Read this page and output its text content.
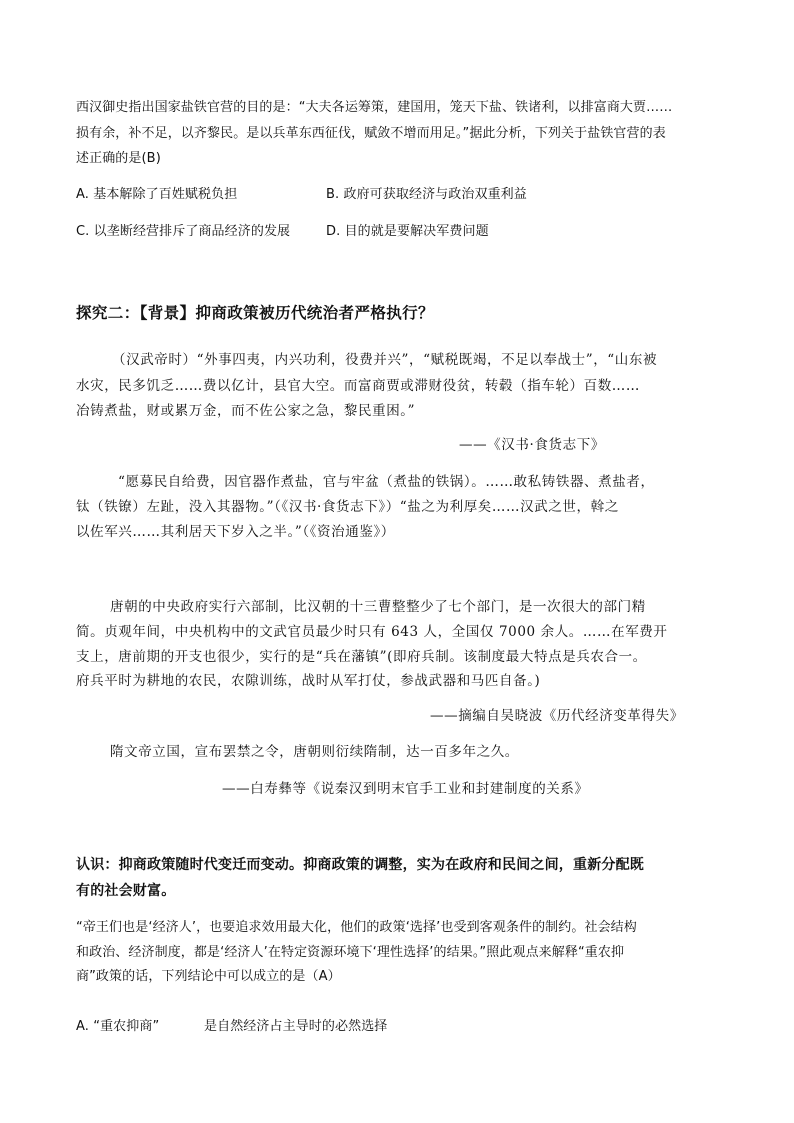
西汉御史指出国家盐铁官营的目的是：“大夫各运筹策，建国用，笼天下盐、铁诸利，以排富商大贾……
损有余，补不足，以齐黎民。是以兵革东西征伐，赋敛不增而用足。”据此分析，下列关于盐铁官营的表
述正确的是(B)
A. 基本解除了百姓赋税负担	B. 政府可获取经济与政治双重利益
C. 以垄断经营排斥了商品经济的发展	D. 目的就是要解决军费问题
探究二：【背景】抑商政策被历代统治者严格执行？
（汉武帝时）“外事四夷，内兴功利，役费并兴”，“赋税既竭，不足以奉战士”，“山东被
水灾，民多饥乏……费以亿计，县官大空。而富商贾或滞财役贫，转毂（指车轮）百数……
冶铸煮盐，财或累万金，而不佐公家之急，黎民重困。”
——《汉书·食货志下》
“愿募民自给费，因官器作煮盐，官与牢盆（煮盐的铁锅）。……敢私铸铁器、煮盐者，
钛（铁镣）左趾，没入其器物。”（《汉书·食货志下》）“盐之为利厚矣……汉武之世，斡之
以佐军兴……其利居天下岁入之半。”（《资治通鉴》）
唐朝的中央政府实行六部制，比汉朝的十三曹整整少了七个部门，是一次很大的部门精
简。贞观年间，中央机构中的文武官员最少时只有 643 人，全国仅 7000 余人。……在军费开
支上，唐前期的开支也很少，实行的是“兵在藩镇”(即府兵制。该制度最大特点是兵农合一。
府兵平时为耕地的农民，农隙训练，战时从军打仗，参战武器和马匹自备。)
——摘编自吴晓波《历代经济变革得失》
隋文帝立国，宣布罢禁之令，唐朝则衍续隋制，达一百多年之久。
——白寿彝等《说秦汉到明末官手工业和封建制度的关系》
认识：抑商政策随时代变迁而变动。抑商政策的调整，实为在政府和民间之间，重新分配既
有的社会财富。
“帝王们也是‘经济人’，也要追求效用最大化，他们的政策‘选择’也受到客观条件的制约。社会结构
和政治、经济制度，都是‘经济人’在特定资源环境下‘理性选择’的结果。”照此观点来解释“重农抑
商”政策的话，下列结论中可以成立的是（A）
A. “重农抑商”	是自然经济占主导时的必然选择
